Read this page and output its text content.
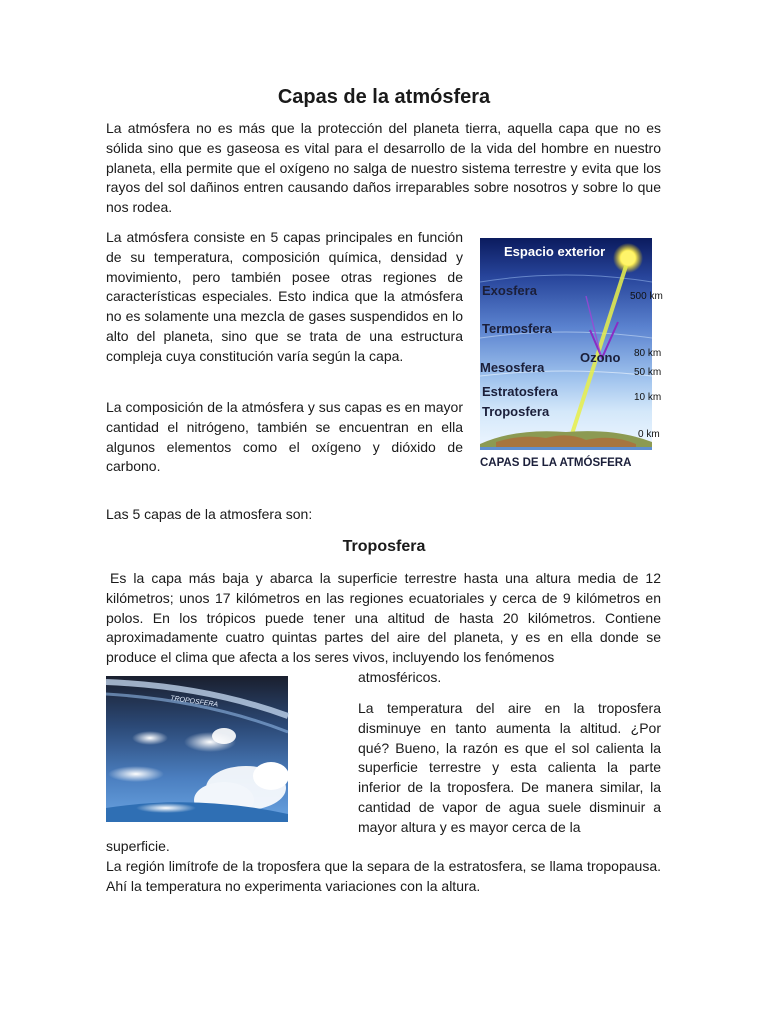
Capas de la atmósfera

La atmósfera no es más que la protección del planeta tierra, aquella capa que no es sólida sino que es gaseosa es vital para el desarrollo de la vida del hombre en nuestro planeta, ella permite que el oxígeno no salga de nuestro sistema terrestre y evita que los rayos del sol dañinos entren causando daños irreparables sobre nosotros y sobre lo que nos rodea.

La atmósfera consiste en 5 capas principales en función de su temperatura, composición química, densidad y movimiento, pero también posee otras regiones de características especiales. Esto indica que la atmósfera no es solamente una mezcla de gases suspendidos en lo alto del planeta, sino que se trata de una estructura compleja cuya constitución varía según la capa.

La composición de la atmósfera y sus capas es en mayor cantidad el nitrógeno, también se encuentran en ella algunos elementos como el oxígeno y dióxido de carbono.

Espacio exterior
Exosfera	500 km
Termosfera
Ozono 80 km
Mesosfera	50 km
Estratosfera	10 km
Troposfera
0 km
CAPAS DE LA ATMÓSFERA

Las 5 capas de la atmosfera son:

Troposfera

Es la capa más baja y abarca la superficie terrestre hasta una altura media de 12 kilómetros; unos 17 kilómetros en las regiones ecuatoriales y cerca de 9 kilómetros en polos. En los trópicos puede tener una altitud de hasta 20 kilómetros. Contiene aproximadamente cuatro quintas partes del aire del planeta, y es en ella donde se produce el clima que afecta a los seres vivos, incluyendo los fenómenos

atmosféricos.

TROPOSFERA	La temperatura del aire en la troposfera disminuye en tanto aumenta la altitud. ¿Por qué? Bueno, la razón es que el sol calienta la superficie terrestre y esta calienta la parte inferior de la troposfera. De manera similar, la cantidad de vapor de agua suele disminuir a mayor altura y es mayor cerca de la

superficie.

La región limítrofe de la troposfera que la separa de la estratosfera, se llama tropopausa. Ahí la temperatura no experimenta variaciones con la altura.
